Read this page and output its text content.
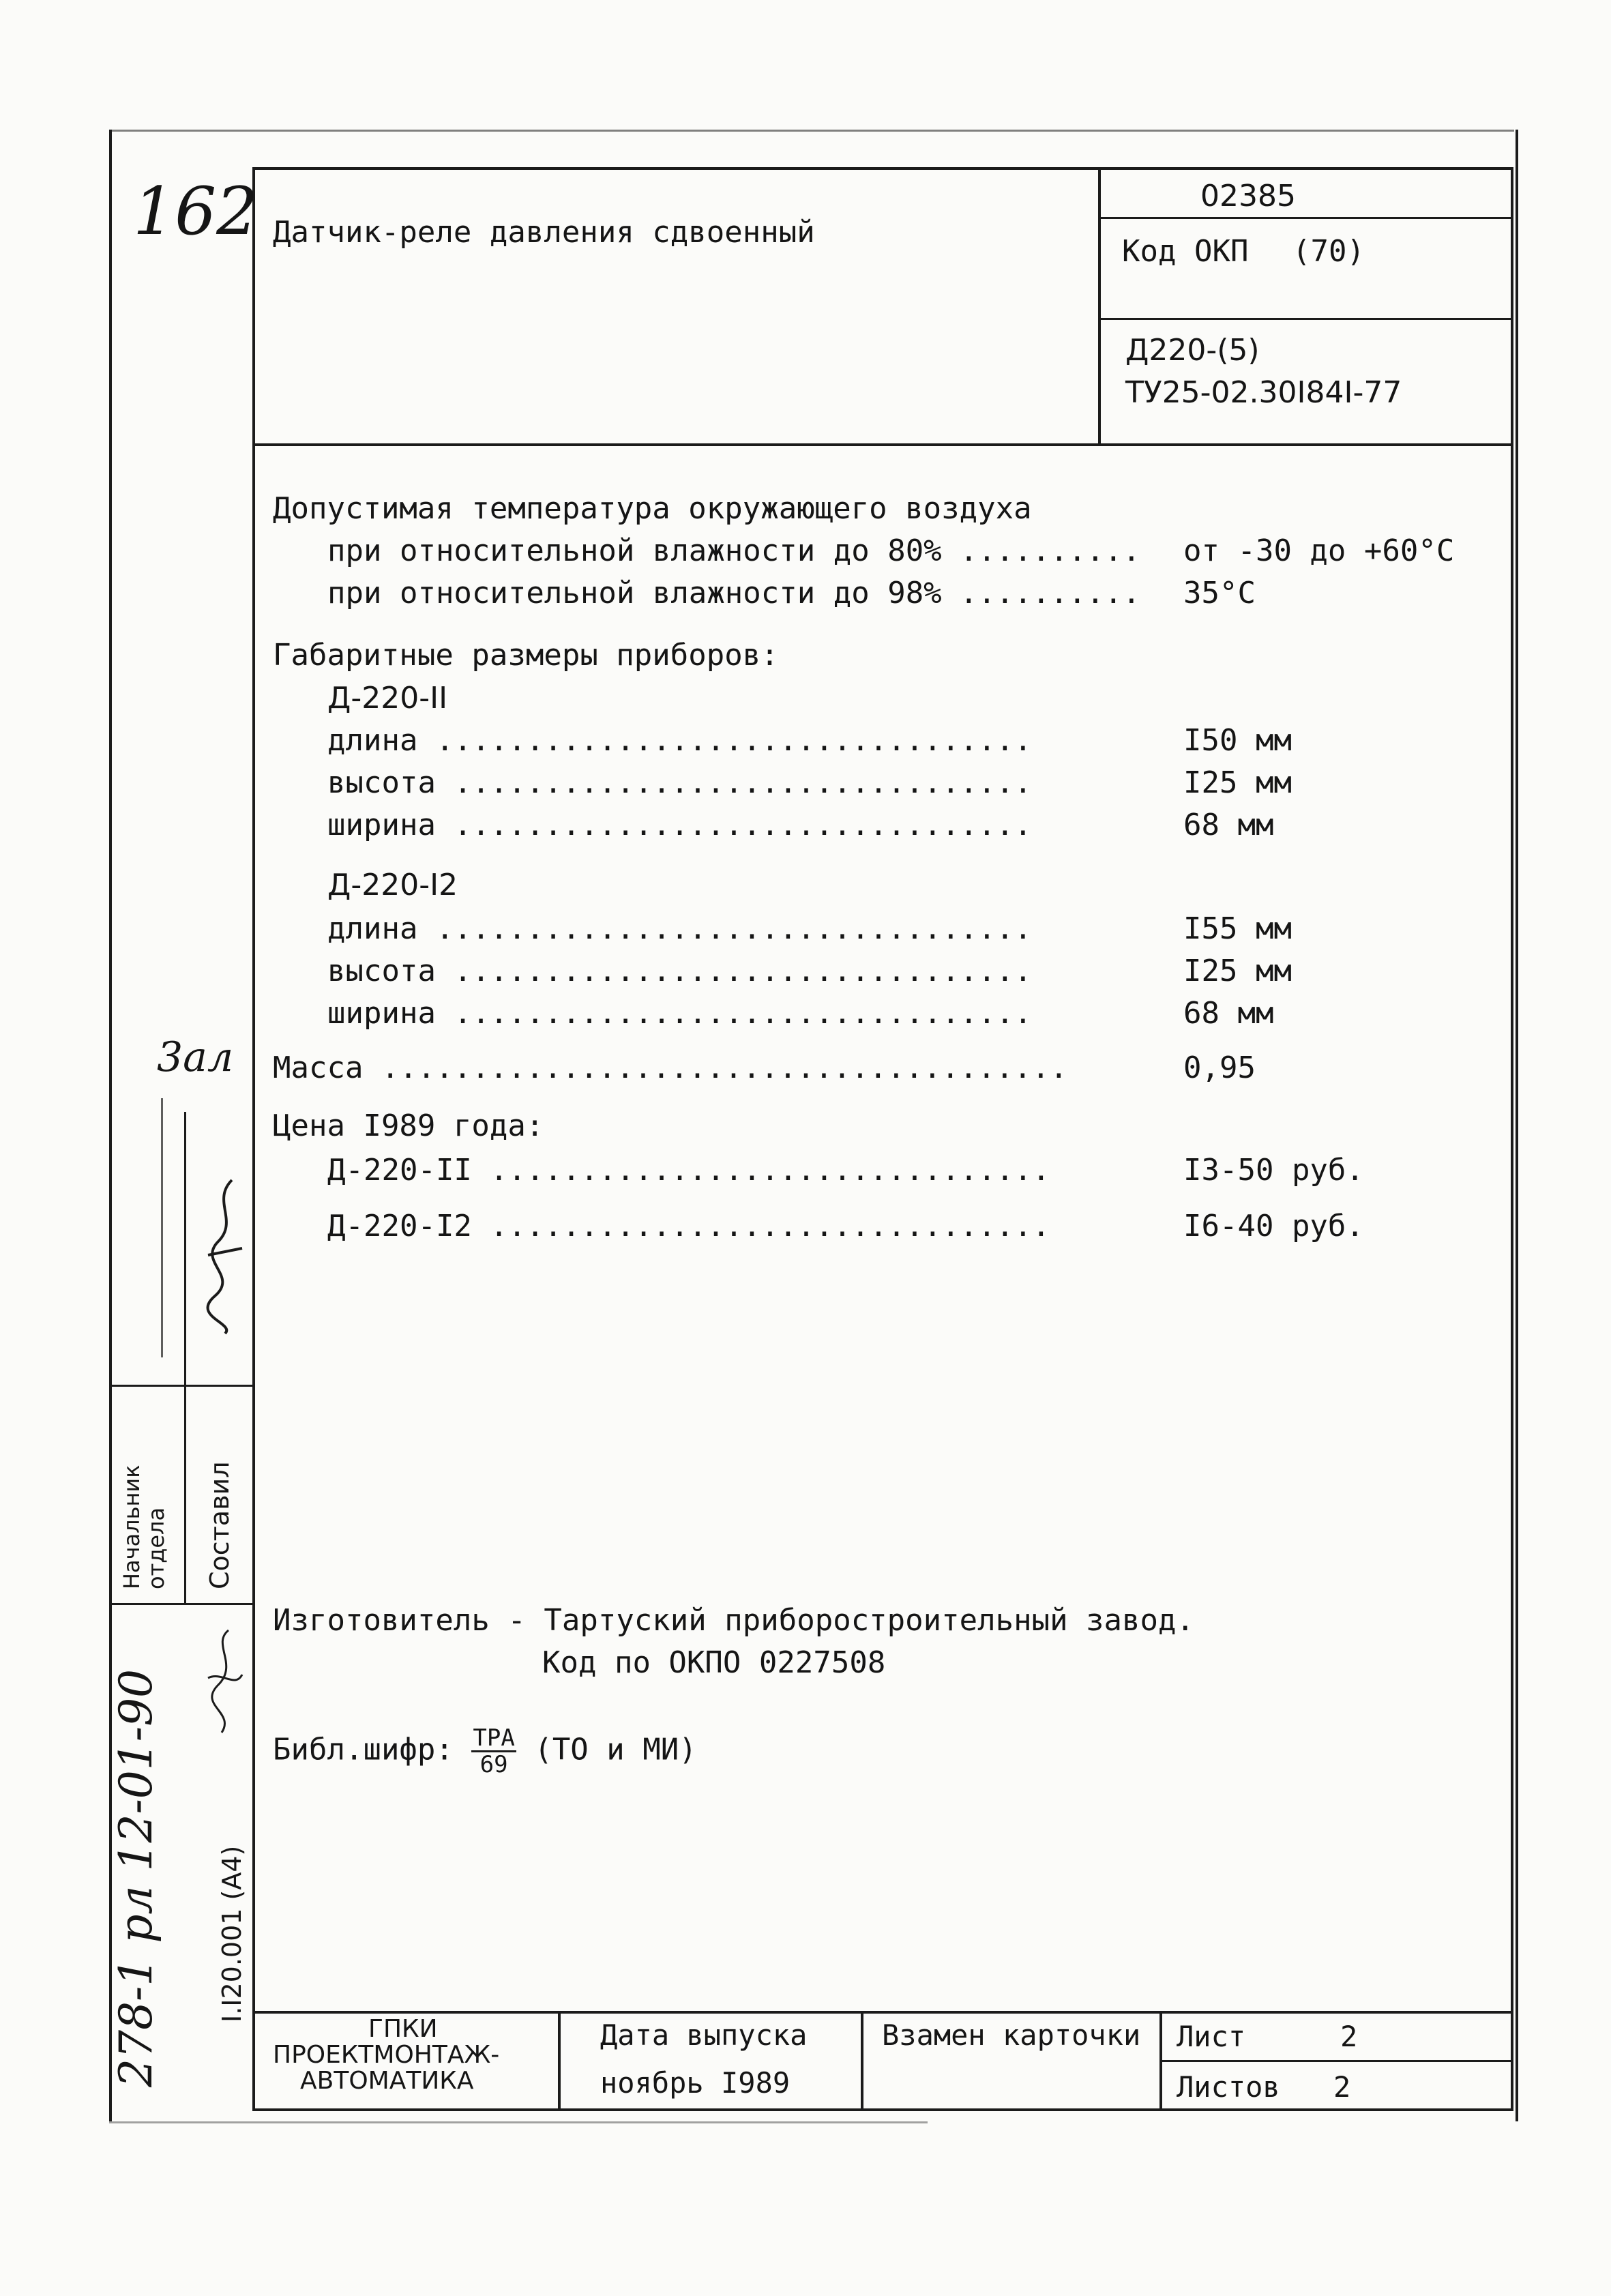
162 Датчик-реле давления сдвоенный
02385
Код ОКП (70)
Д220-(5)
ТУ25-02.30I84I-77
Допустимая температура окружающего воздуха
при относительной влажности до 80% .......... от -30 до +60°C
при относительной влажности до 98% .......... 35°C
Габаритные размеры приборов:
Д-220-II
длина .................................	I50 мм
высота ................................	I25 мм
ширина ................................	68 мм
Д-220-I2
длина .................................	I55 мм
высота ................................	I25 мм
ширина ................................	68 мм
Масса ......................................	0,95
Цена I989 года:
Д-220-II ...............................	I3-50 руб.
Д-220-I2 ...............................	I6-40 руб.
Изготовитель - Тартуский приборостроительный завод.
Код по ОКПО 0227508
Библ.шифр: $\frac{\text{ТРА}}{69} (ТО$ и МИ)
ГПКИ
ПРОЕКТМОНТАЖ-
АВТОМАТИКА
Дата выпуска
ноябрь I989
Взамен карточки Лист	2
Листов 2
Начальник отдела Составил
278-1 рл 12-01-90 I.I20.001 (A4)
3ал
